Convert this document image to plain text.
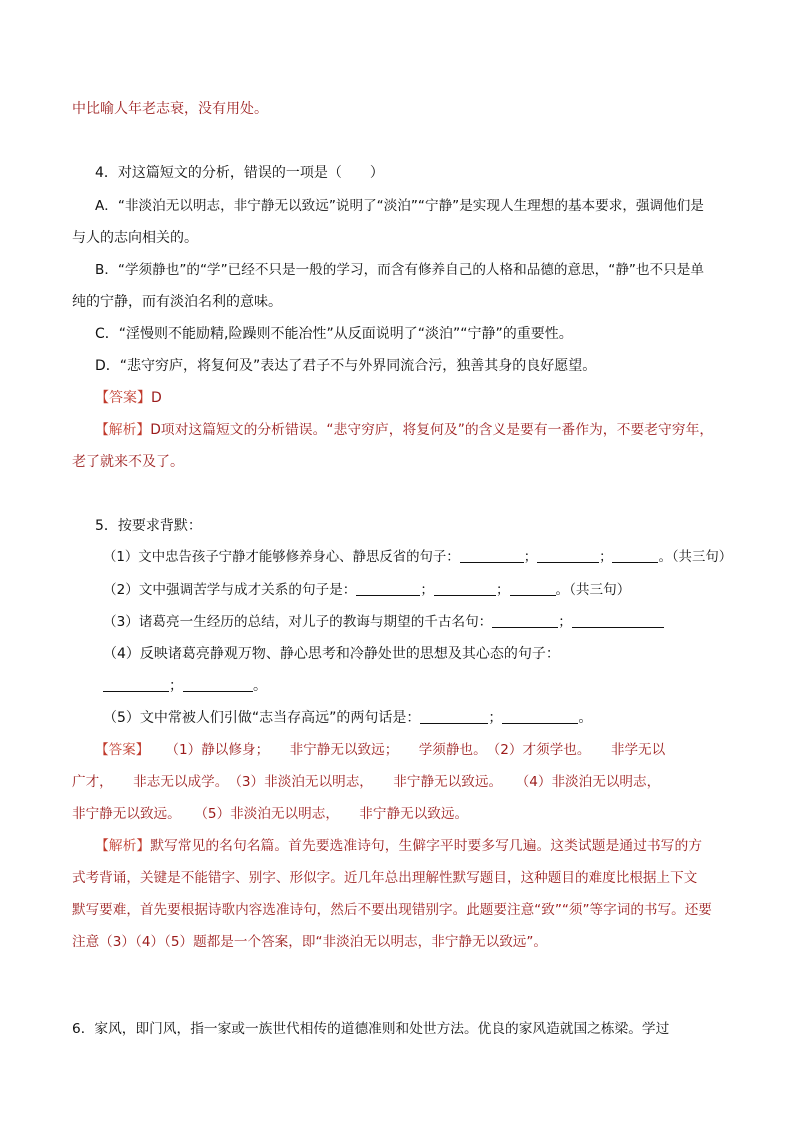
中比喻人年老志衰，没有用处。
4．对这篇短文的分析，错误的一项是（　　）
A．“非淡泊无以明志，非宁静无以致远”说明了“淡泊”“宁静”是实现人生理想的基本要求，强调他们是
与人的志向相关的。
B．“学须静也”的“学”已经不只是一般的学习，而含有修养自己的人格和品德的意思，“静”也不只是单
纯的宁静，而有淡泊名利的意味。
C．“淫慢则不能励精,险躁则不能冶性”从反面说明了“淡泊”“宁静”的重要性。
D．“悲守穷庐，将复何及”表达了君子不与外界同流合污，独善其身的良好愿望。
【答案】D
【解析】D项对这篇短文的分析错误。“悲守穷庐，将复何及”的含义是要有一番作为，不要老守穷年，
老了就来不及了。
5．按要求背默：
（1）文中忠告孩子宁静才能够修养身心、静思反省的句子：	；	；	。（共三句）
（2）文中强调苦学与成才关系的句子是：	；	；	。（共三句）
（3）诸葛亮一生经历的总结，对儿子的教诲与期望的千古名句：	；
（4）反映诸葛亮静观万物、静心思考和冷静处世的思想及其心态的句子：
；	。
（5）文中常被人们引做“志当存高远”的两句话是：	；	。
【答案】 （1）静以修身；　　非宁静无以致远；　　学须静也。　（2）才须学也。　　非学无以
广才，　　非志无以成学。　（3）非淡泊无以明志，　　非宁静无以致远。　　（4）非淡泊无以明志，
非宁静无以致远。　　（5）非淡泊无以明志，　　非宁静无以致远。
【解析】默写常见的名句名篇。首先要选准诗句，生僻字平时要多写几遍。这类试题是通过书写的方
式考背诵，关键是不能错字、别字、形似字。近几年总出理解性默写题目，这种题目的难度比根据上下文
默写要难，首先要根据诗歌内容选准诗句，然后不要出现错别字。此题要注意“致”“须”等字词的书写。还要
注意（3）（4）（5）题都是一个答案，即“非淡泊无以明志，非宁静无以致远”。
6．家风，即门风，指一家或一族世代相传的道德准则和处世方法。优良的家风造就国之栋梁。学过
